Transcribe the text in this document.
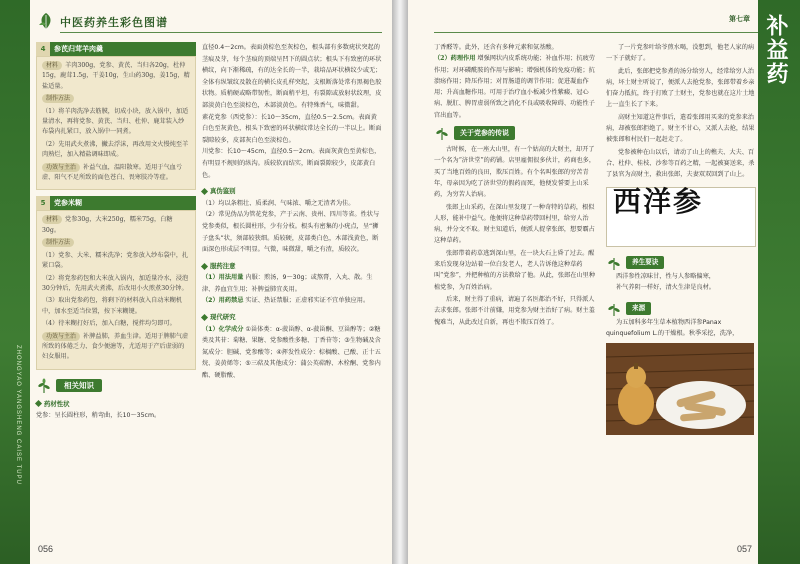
ZHONGYAO YANGSHENG CAISE TUPU
中医药养生彩色图谱
4	参芪归茸羊肉羹

材料 羊肉300g，党参、黄芪、当归各20g，杜仲15g，鹿茸1.5g，干姜10g，生山药30g，姜15g，精盐适量。

制作方法

（1）将羊肉洗净去筋膜，切成小块，放入锅中，加适量清水，再将党参、黄芪、当归、杜仲、鹿茸装入纱布袋内扎紧口，放入锅中一同煮。

（2）先用武火煮沸，撇去浮沫，再改用文火慢炖至羊肉熟烂，加入精盐调味即成。

功效与主治 补益气血，温阳散寒。适用于气血亏虚、阳气不足所致的面色苍白、畏寒肢冷等症。

5	党参米糊

材料 党参30g，大米250g，糯米75g，白糖30g。

制作方法

（1）党参、大米、糯米洗净；党参放入纱布袋中，扎紧口袋。

（2）将党参药包和大米放入锅内，加适量冷水，浸泡30分钟后，先用武火煮沸，后改用小火煎煮30分钟。

（3）取出党参药包，将剩下的材料放入自动米糊机中，加水至适当位置，按下米糊键。

（4）待米糊打好后，加入白糖，搅拌均匀即可。

功效与主治 补脾益肺，养血生津。适用于脾肺气虚所致的体倦乏力、食少便溏等，尤适用于产后虚弱的妇女服用。

相关知识
药材性状
党参：呈长圆柱形，稍弯曲，长10～35cm。

直径0.4～2cm。表面黄棕色至灰棕色，根头部有多数疣状突起的茎痕及芽，每个茎痕的顶端呈凹下的圆点状；根头下有致密的环状横纹，向下渐稀疏，有的达全长的一半，栽培品环状横纹少或无；全体有纵皱纹及散在的横长皮孔样突起，支根断落处常有黑褐色胶状物。质稍硬或略带韧性，断面稍平坦，有裂隙或放射状纹理，皮部淡黄白色至淡棕色，木部淡黄色。有特殊香气，味微甜。

素花党参（西党参）：长10～35cm，直径0.5～2.5cm。表面黄白色至灰黄色，根头下致密的环状横纹常达全长的一半以上。断面裂隙较多，皮部灰白色至淡棕色。

川党参：长10～45cm，直径0.5～2cm。表面灰黄色至黄棕色，有明显不规则的纵沟。质较软而结实，断面裂隙较少，皮部黄白色。

真伪鉴别

（1）均以条粗壮、质柔润、气味浓、嚼之无渣者为佳。

（2）常见伪品为管花党参，产于云南、贵州、四川等省。性状与党参类似，根长圆柱形，少有分枝。根头有密集的小疣点，呈“狮子盘头”状，须部较狭细。质较硬，皮部类白色，木部浅黄色，断面深色形成层不明显。气微，味微甜，嚼之有渣，质较次。

服药注意

（1）用法用量 内服：煎汤，9～30g；或熬膏，入丸、散。生津、养血宜生用；补脾益肺宜炙用。

（2）用药禁忌 实证、热证禁服；正虚邪实证不宜单独应用。

现代研究

（1）化学成分 ①甾体类：α-菠甾醇、α-菠甾酮、豆甾醇等；②糖类及其苷：菊糖、果糖、党参酸性多糖、丁香苷等；③生物碱及含氮成分：胆碱、党参酸等；④挥发性成分：棕榈酸、己酸、正十五烷、姜黄烯等；⑤三萜及其他成分：蒲公英萜醇、木栓酮、党参内酯、硬脂酸、

056
第七章 补益药

丁香醛等。此外，还含有多种元素和氨基酸。

（2）药理作用 增强网状内皮系统功能；补血作用；抗疲劳作用；对环磷酰胺的作用与影响；增强机体的免疫功能；抗溃疡作用；降压作用；对胃肠道的调节作用；促进凝血作用；升高血糖作用。可用于治疗血小板减少性紫癜、冠心病、脱肛、脾胃虚弱所致之消化不良或吸收障碍、功能性子宫出血等。

关于党参的传说

古时候，在一座大山里，有一个姑高的大财主，却开了一个名为“济世堂”的药铺。店里雇佣很多伙计，药商也多，买了当地百姓的良田，欺压百姓。有个名叫张郎的穷苦青年，母亲因为吃了济世堂的假药而死，他便发誓要上山采药，为穷苦人治病。

张郎上山采药，在深山里发现了一种奇特的草药，根似人形，能补中益气。他便将这种草药带回村里，给穷人治病，并分文不取。财主知道后，便派人捉拿张郎，想要霸占这种草药。

张郎带着药草逃到深山里，在一块大石上昏了过去。醒来后发现身边站着一位白发老人，老人告诉他这种草药叫“党参”，并把种植的方法教给了他。从此，张郎在山里种植党参，为百姓治病。

后来，财主得了重病，请遍了名医都治不好，只得派人去求张郎。张郎不计前嫌，用党参为财主治好了病。财主羞愧难当，从此改过自新，再也不欺压百姓了。

了一片党参叶给爷煎水喝，没想到，他老人家的病一下子就好了。

此后，张郎把党参煮的汤分给穷人，经常给穷人治病，坏土财主听说了，便派人去抢党参，张郎带着乡亲们奋力抵抗，终于打败了土财主，党参也就在这片土地上一直生长了下来。

高财主知道这件事后，遣看张郎用买来的党参来治病，却被张郎拒绝了。财主不甘心，又派人去抢，结果被张郎和村民们一起赶走了。

党参被种在山以后，请动了山上的樵夫、大夫、百合、杜仲、桂枝、沙参等百药之精，一起被赛送来，杀了县官为高财主，救出张郎，夫妻双双回到了山上。

西洋参
养生要诀
西洋参性凉味甘，性与人参略偏寒，
补气养阴一样好，清火生津是良材。
来源

为五加科多年生草本植物西洋参Panax quinquefolium L.的干燥根。秋季采挖，洗净，

057
